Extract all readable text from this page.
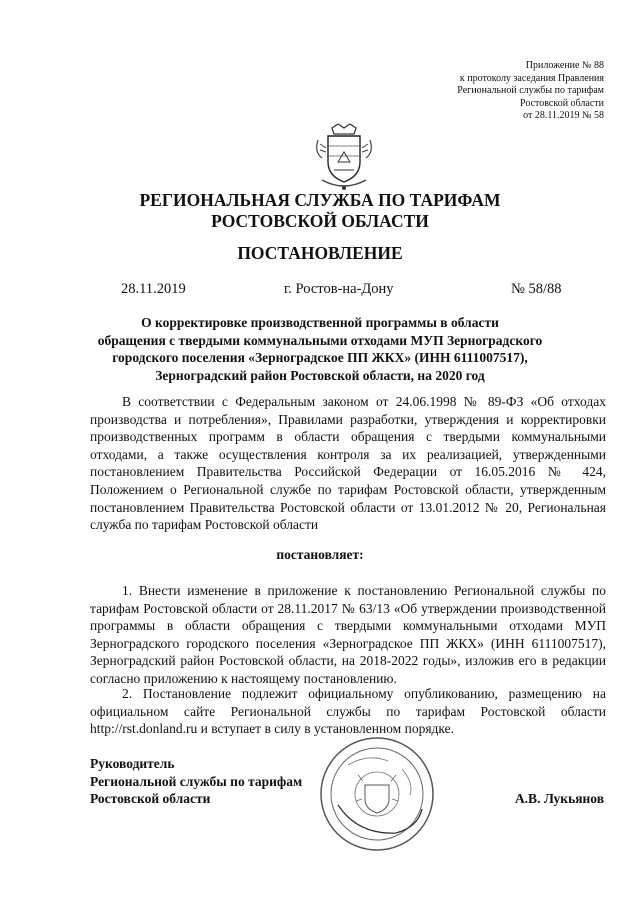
Приложение № 88
к протоколу заседания Правления
Региональной службы по тарифам
Ростовской области
от 28.11.2019 № 58
РЕГИОНАЛЬНАЯ СЛУЖБА ПО ТАРИФАМ
РОСТОВСКОЙ ОБЛАСТИ
ПОСТАНОВЛЕНИЕ
28.11.2019	г. Ростов-на-Дону	№ 58/88
О корректировке производственной программы в области
обращения с твердыми коммунальными отходами МУП Зерноградского
городского поселения «Зерноградское ПП ЖКХ» (ИНН 6111007517),
Зерноградский район Ростовской области, на 2020 год
В соответствии с Федеральным законом от 24.06.1998 № 89-ФЗ «Об отходах производства и потребления», Правилами разработки, утверждения и корректировки производственных программ в области обращения с твердыми коммунальными отходами, а также осуществления контроля за их реализацией, утвержденными постановлением Правительства Российской Федерации от 16.05.2016 № 424, Положением о Региональной службе по тарифам Ростовской области, утвержденным постановлением Правительства Ростовской области от 13.01.2012 № 20, Региональная служба по тарифам Ростовской области
постановляет:
1. Внести изменение в приложение к постановлению Региональной службы по тарифам Ростовской области от 28.11.2017 № 63/13 «Об утверждении производственной программы в области обращения с твердыми коммунальными отходами МУП Зерноградского городского поселения «Зерноградское ПП ЖКХ» (ИНН 6111007517), Зерноградский район Ростовской области, на 2018-2022 годы», изложив его в редакции согласно приложению к настоящему постановлению.
2. Постановление подлежит официальному опубликованию, размещению на официальном сайте Региональной службы по тарифам Ростовской области http://rst.donland.ru и вступает в силу в установленном порядке.
Руководитель
Региональной службы по тарифам
Ростовской области	А.В. Лукьянов
